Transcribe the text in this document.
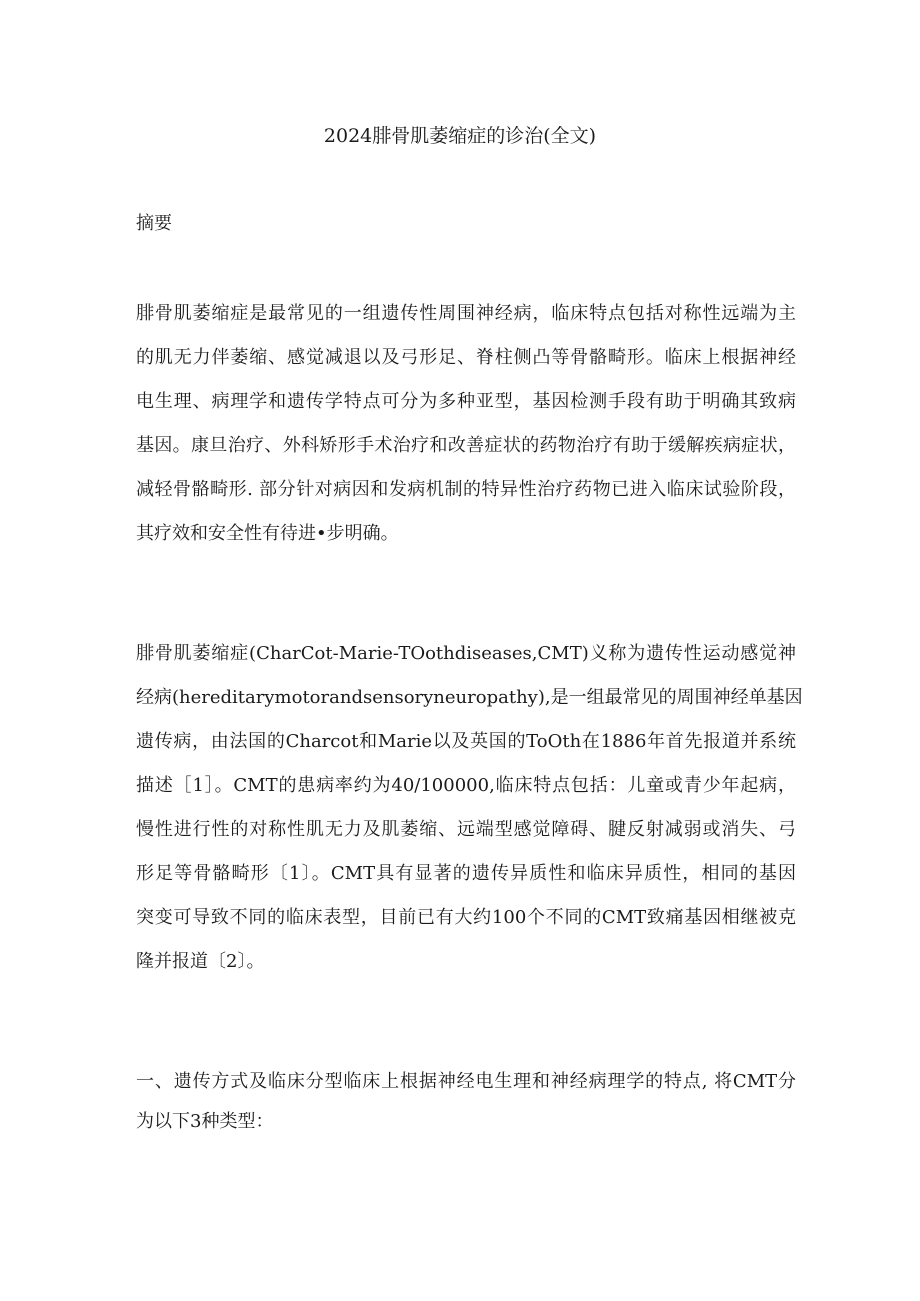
2024腓骨肌萎缩症的诊治(全文)
摘要
腓骨肌萎缩症是最常见的一组遗传性周围神经病，临床特点包括对称性远端为主
的肌无力伴萎缩、感觉减退以及弓形足、脊柱侧凸等骨骼畸形。临床上根据神经
电生理、病理学和遗传学特点可分为多种亚型，基因检测手段有助于明确其致病
基因。康旦治疗、外科矫形手术治疗和改善症状的药物治疗有助于缓解疾病症状，
减轻骨骼畸形. 部分针对病因和发病机制的特异性治疗药物已进入临床试验阶段，
其疗效和安全性有待进•步明确。
腓骨肌萎缩症(CharCot-Marie-TOothdiseases,CMT)义称为遗传性运动感觉神
经病(hereditarymotorandsensoryneuropathy),是一组最常见的周围神经单基因
遗传病，由法国的Charcot和Marie以及英国的ToOth在1886年首先报道并系统
描述［1］。CMT的患病率约为40/100000,临床特点包括：儿童或青少年起病，
慢性进行性的对称性肌无力及肌萎缩、远端型感觉障碍、腱反射减弱或消失、弓
形足等骨骼畸形〔1〕。CMT具有显著的遗传异质性和临床异质性，相同的基因
突变可导致不同的临床表型，目前已有大约100个不同的CMT致痛基因相继被克
隆并报道〔2〕。
一、遗传方式及临床分型临床上根据神经电生理和神经病理学的特点, 将CMT分
为以下3种类型：
